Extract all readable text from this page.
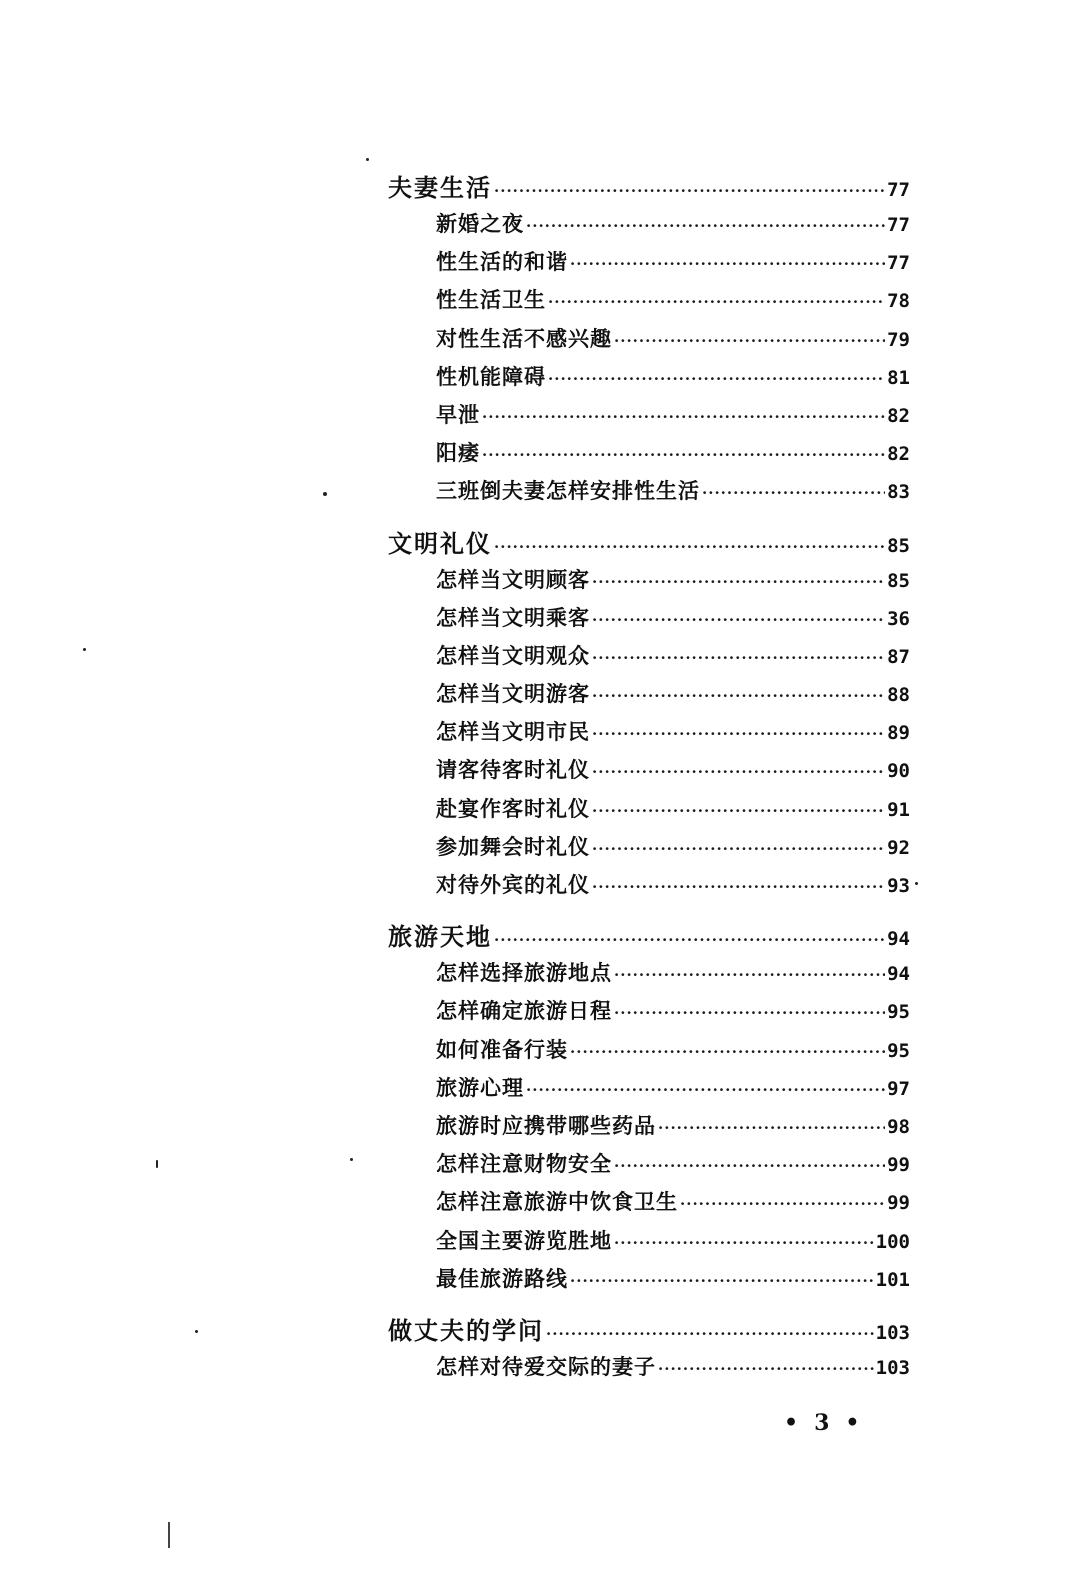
夫妻生活 ·····	77
新婚之夜 ·····	77
性生活的和谐 ·····	77
性生活卫生 ·····	78
对性生活不感兴趣 ·····	79
性机能障碍 ·····	81
早泄 ·····	82
阳痿 ·····	82
三班倒夫妻怎样安排性生活 ·····	83
文明礼仪 ·····	85
怎样当文明顾客 ·····	85
怎样当文明乘客 ·····	36
怎样当文明观众 ·····	87
怎样当文明游客 ·····	88
怎样当文明市民 ·····	89
请客待客时礼仪 ·····	90
赴宴作客时礼仪 ·····	91
参加舞会时礼仪 ·····	92
对待外宾的礼仪 ·····	93
旅游天地 ·····	94
怎样选择旅游地点 ·····	94
怎样确定旅游日程 ·····	95
如何准备行装 ·····	95
旅游心理 ·····	97
旅游时应携带哪些药品 ·····	98
怎样注意财物安全 ·····	99
怎样注意旅游中饮食卫生 ·····	99
全国主要游览胜地 ·····	100
最佳旅游路线 ·····	101
做丈夫的学问 ·····	103
怎样对待爱交际的妻子 ·····	103
• 3 •
